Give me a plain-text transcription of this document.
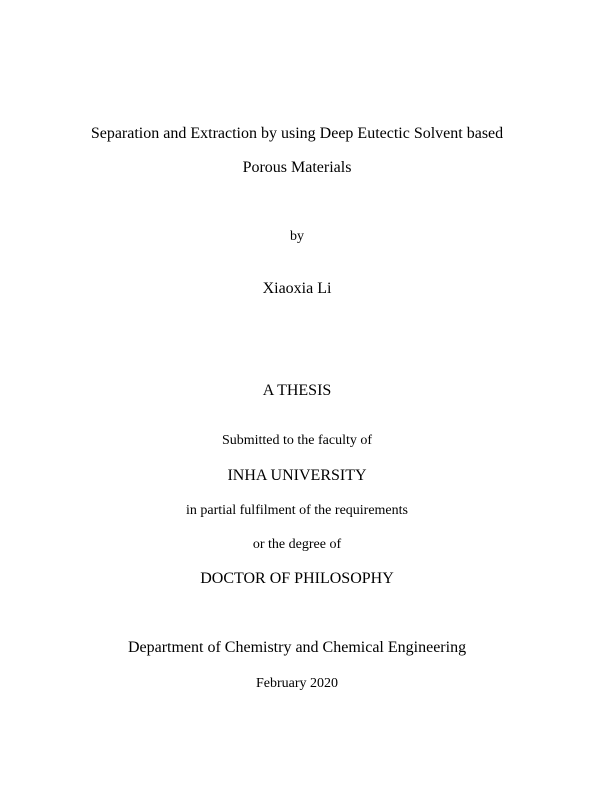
Separation and Extraction by using Deep Eutectic Solvent based
Porous Materials
by
Xiaoxia Li
A THESIS
Submitted to the faculty of
INHA UNIVERSITY
in partial fulfilment of the requirements
or the degree of
DOCTOR OF PHILOSOPHY
Department of Chemistry and Chemical Engineering
February 2020
